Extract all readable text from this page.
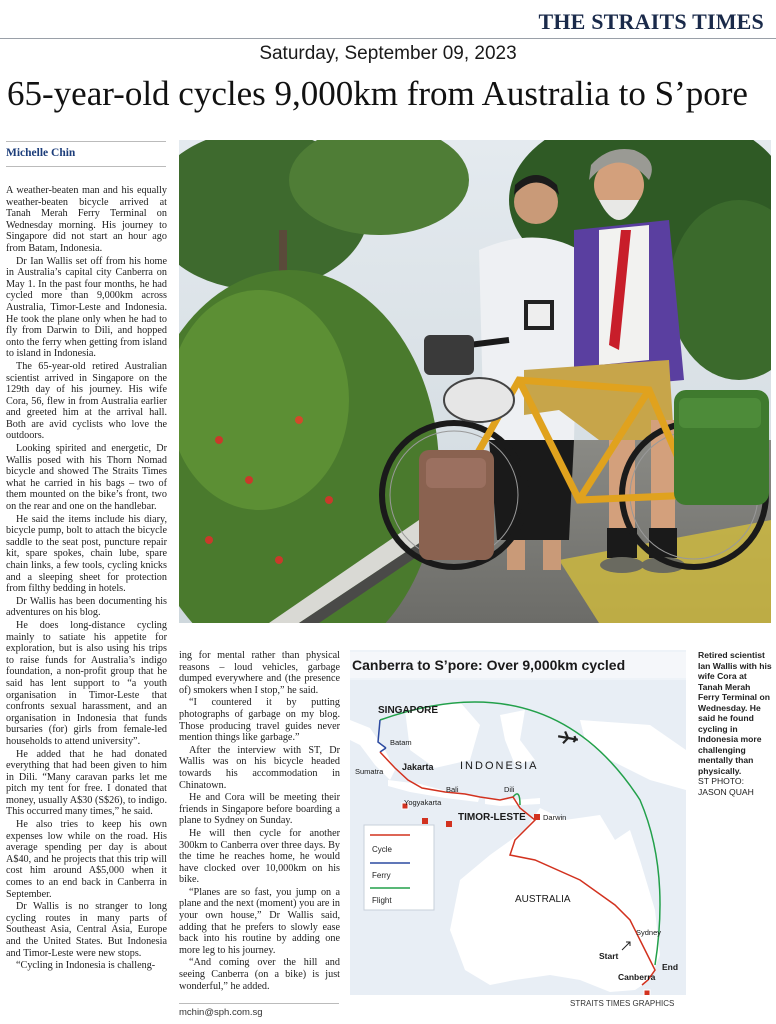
THE STRAITS TIMES
Saturday, September 09, 2023
65-year-old cycles 9,000km from Australia to S’pore
Michelle Chin

A weather-beaten man and his equally weather-beaten bicycle arrived at Tanah Merah Ferry Terminal on Wednesday morning. His journey to Singapore did not start an hour ago from Batam, Indonesia.

Dr Ian Wallis set off from his home in Australia’s capital city Canberra on May 1. In the past four months, he had cycled more than 9,000km across Australia, Timor-Leste and Indonesia. He took the plane only when he had to fly from Darwin to Dili, and hopped onto the ferry when getting from island to island in Indonesia.

The 65-year-old retired Australian scientist arrived in Singapore on the 129th day of his journey. His wife Cora, 56, flew in from Australia earlier and greeted him at the arrival hall. Both are avid cyclists who love the outdoors.

Looking spirited and energetic, Dr Wallis posed with his Thorn Nomad bicycle and showed The Straits Times what he carried in his bags – two of them mounted on the bike’s front, two on the rear and one on the handlebar.

He said the items include his diary, bicycle pump, bolt to attach the bicycle saddle to the seat post, puncture repair kit, spare spokes, chain lube, spare chain links, a few tools, cycling knicks and a sleeping sheet for protection from filthy bedding in hotels.

Dr Wallis has been documenting his adventures on his blog.

He does long-distance cycling mainly to satiate his appetite for exploration, but is also using his trips to raise funds for Australia’s indigo foundation, a non-profit group that he said has lent support to “a youth organisation in Timor-Leste that confronts sexual harassment, and an organisation in Indonesia that funds bursaries (for) girls from female-led households to attend university”.

He added that he had donated everything that had been given to him in Dili. “Many caravan parks let me pitch my tent for free. I donated that money, usually A$30 (S$26), to indigo. This occurred many times,” he said.

He also tries to keep his own expenses low while on the road. His average spending per day is about A$40, and he projects that this trip will cost him around A$5,000 when it comes to an end back in Canberra in September.

Dr Wallis is no stranger to long cycling routes in many parts of Southeast Asia, Central Asia, Europe and the United States. But Indonesia and Timor-Leste were new stops.

“Cycling in Indonesia is challeng-

ing for mental rather than physical reasons – loud vehicles, garbage dumped everywhere and (the presence of) smokers when I stop,” he said.

“I countered it by putting photographs of garbage on my blog. Those producing travel guides never mention things like garbage.”

After the interview with ST, Dr Wallis was on his bicycle headed towards his accommodation in Chinatown.

He and Cora will be meeting their friends in Singapore before boarding a plane to Sydney on Sunday.

He will then cycle for another 300km to Canberra over three days. By the time he reaches home, he would have clocked over 10,000km on his bike.

“Planes are so fast, you jump on a plane and the next (moment) you are in your own house,” Dr Wallis said, adding that he prefers to slowly ease back into his routine by adding one more leg to his journey.

“And coming over the hill and seeing Canberra (on a bike) is just wonderful,” he added.

mchin@sph.com.sg
Canberra to S’pore: Over 9,000km cycled
Cycle
Ferry
Flight
SINGAPORE
Batam
Sumatra Jakarta INDONESIA
Bali	Dili
Yogyakarta
TIMOR-LESTE Darwin
AUSTRALIA
Sydney
Start
End
Canberra
STRAITS TIMES GRAPHICS
Retired scientist Ian Wallis with his wife Cora at Tanah Merah Ferry Terminal on Wednesday. He said he found cycling in Indonesia more challenging mentally than physically.
ST PHOTO: JASON QUAH
